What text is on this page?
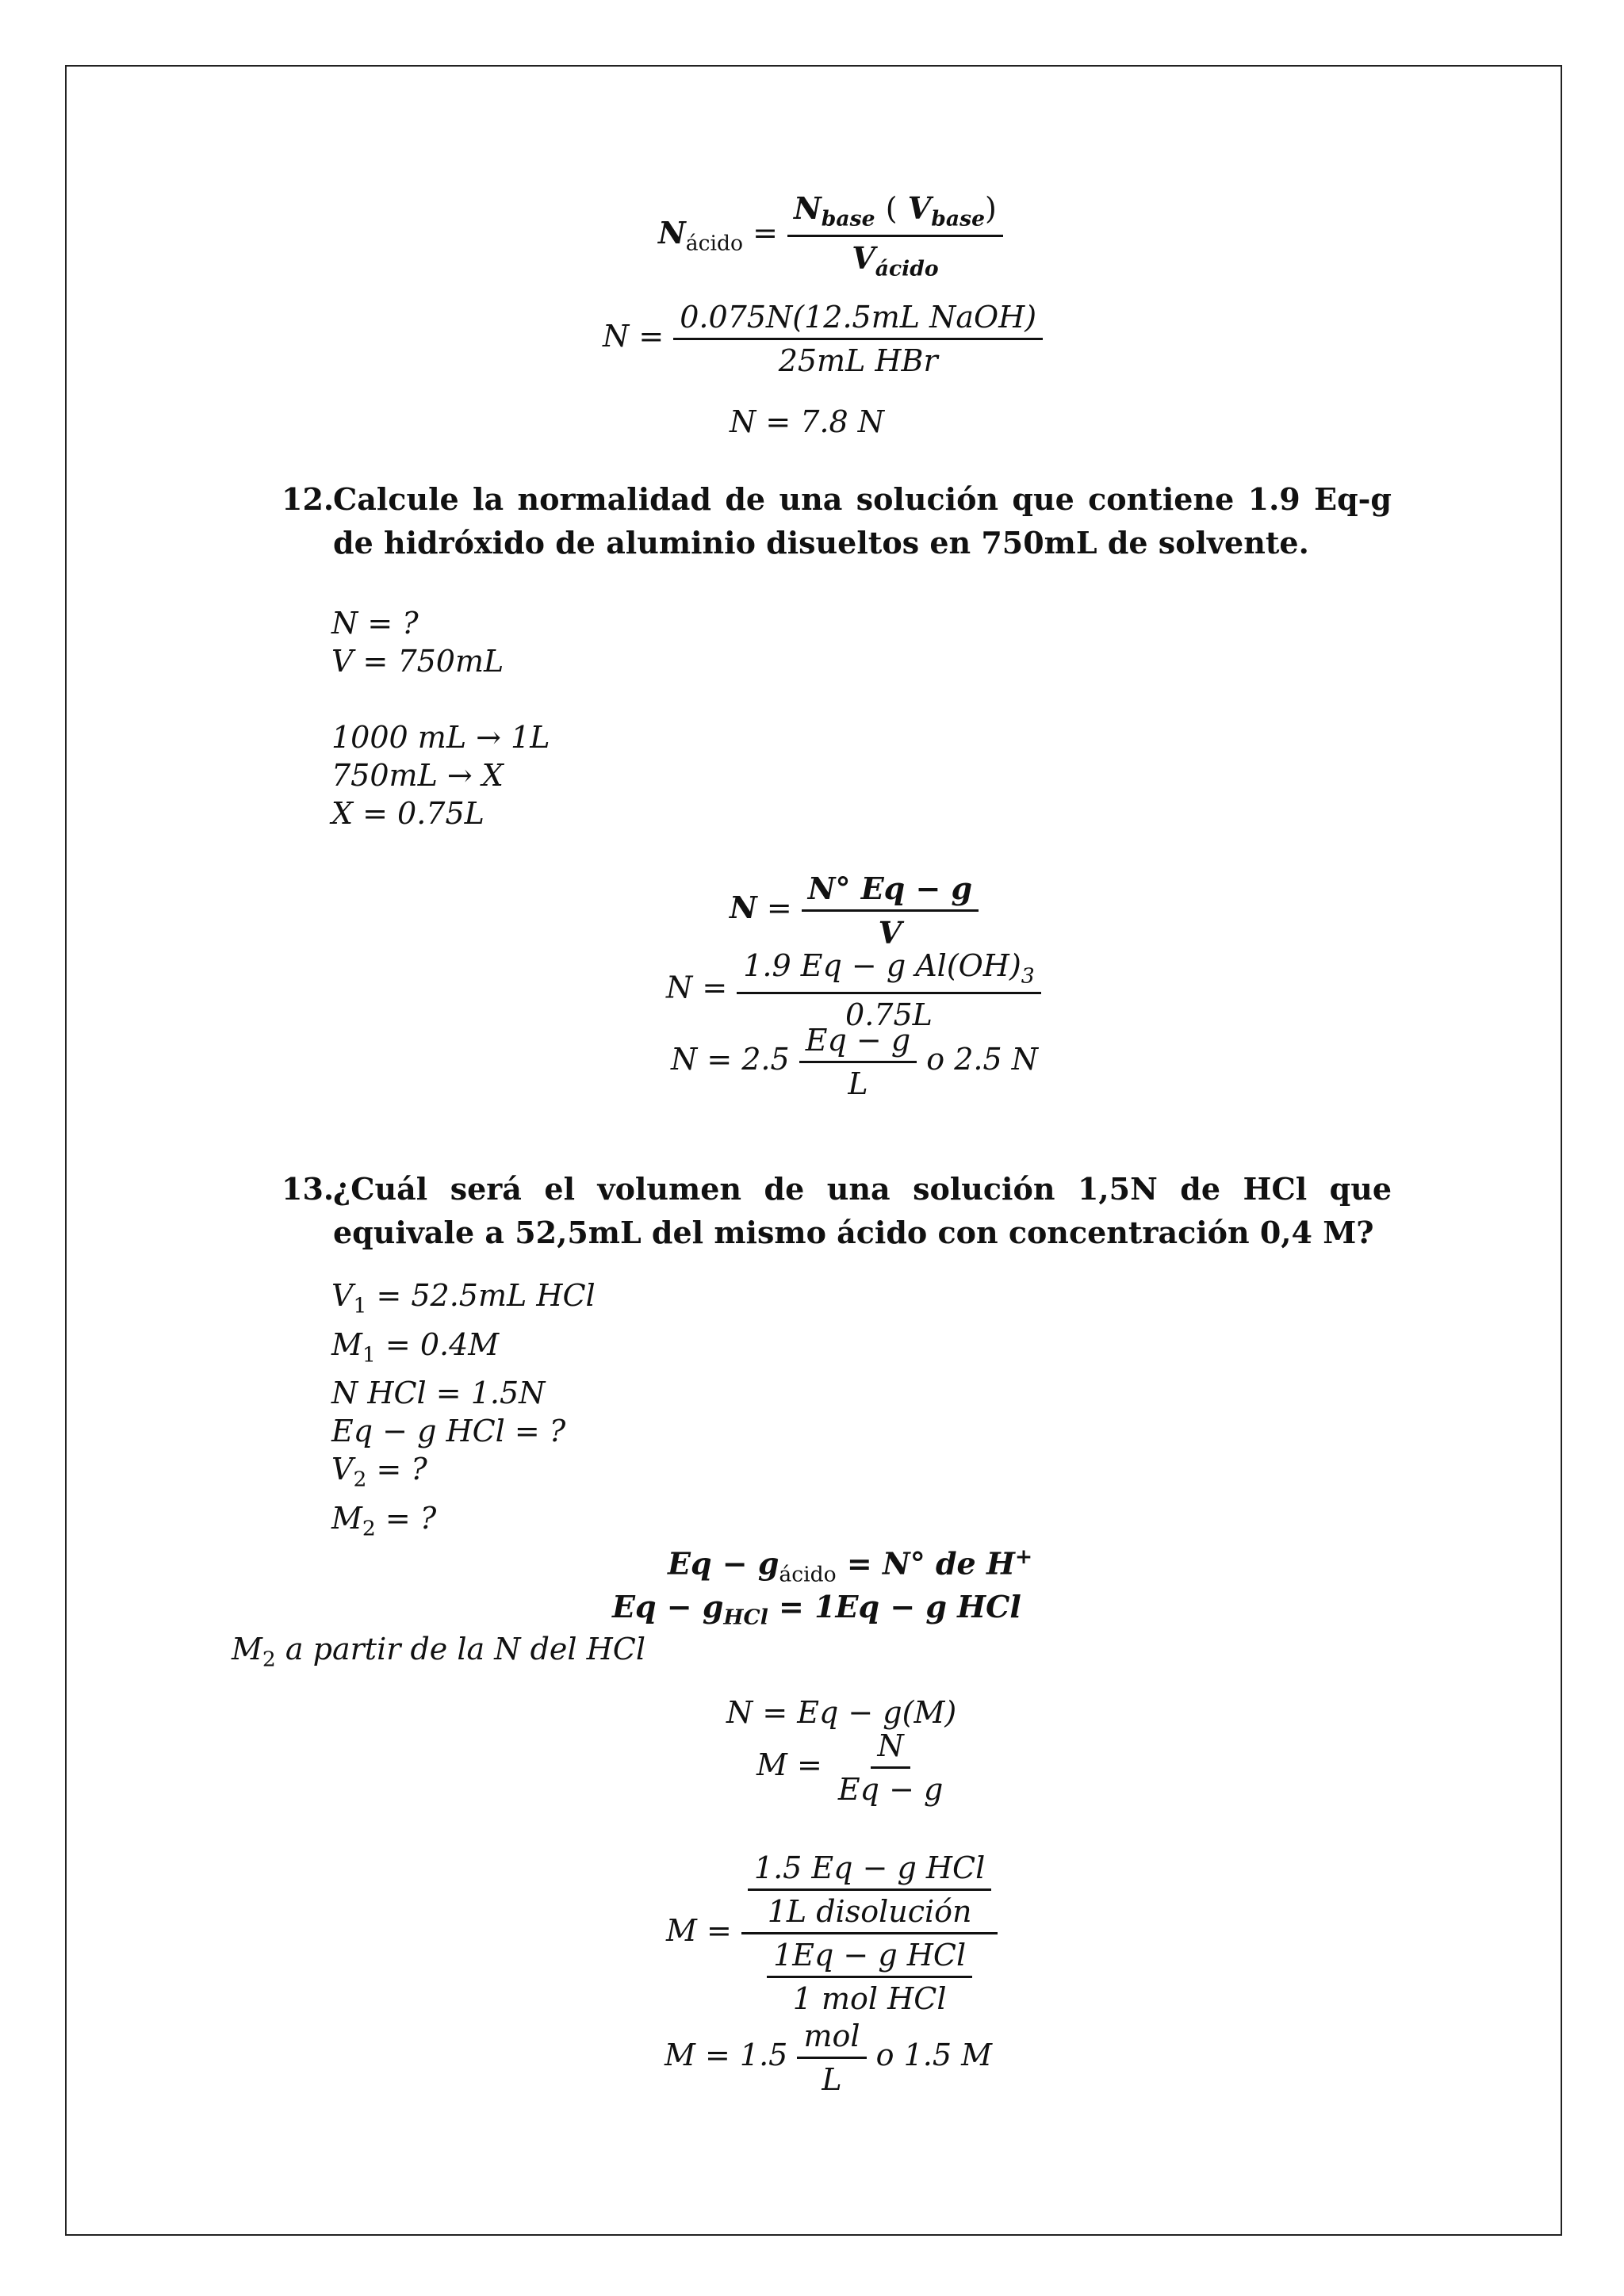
$N_{ácido} = \frac{N_{base} ( V_{base})}{V_{ácido}}$
$N = \frac{\text{0.075N(12.5mL NaOH)}}{\text{25mL HBr}}$
N = 7.8 N
12.
Calcule la normalidad de una solución que contiene 1.9 Eq-g de hidróxido de aluminio disueltos en 750mL de solvente.
N = ?
V = 750mL
1000 mL → 1L
750mL → X
X = 0.75L
$N = \frac{N^\circ Eq - g}{V}$
$N = \frac{1.9 Eq - g Al(OH)_3}{0.75L}$
$N = 2.5 \frac{Eq - g}{L}$ o 2.5 N
13.
¿Cuál será el volumen de una solución 1,5N de HCl que equivale a 52,5mL del mismo ácido con concentración 0,4 M?
$V_1 = 52.5mL$ HCl
$M_1 = 0.4M$
N HCl = 1.5N
Eq − g HCl = ?
$V_2$ = ?
$M_2$ = ?
$Eq - g_{ácido} = N^\circ$ de H+
$Eq - g_{HCl} = 1Eq - g$ HCl
$M_2$ a partir de la N del HCl
N = Eq − g(M)
$M = \frac{N}{Eq - g}$
$M = \frac{\frac{\text{1.5 Eq − g HCl}}{\text{1L disolución}}}{\frac{\text{1Eq − g HCl}}{\text{1 mol HCl}}}$
$M = 1.5 \frac{\text{mol}}{L}$ o 1.5 M
